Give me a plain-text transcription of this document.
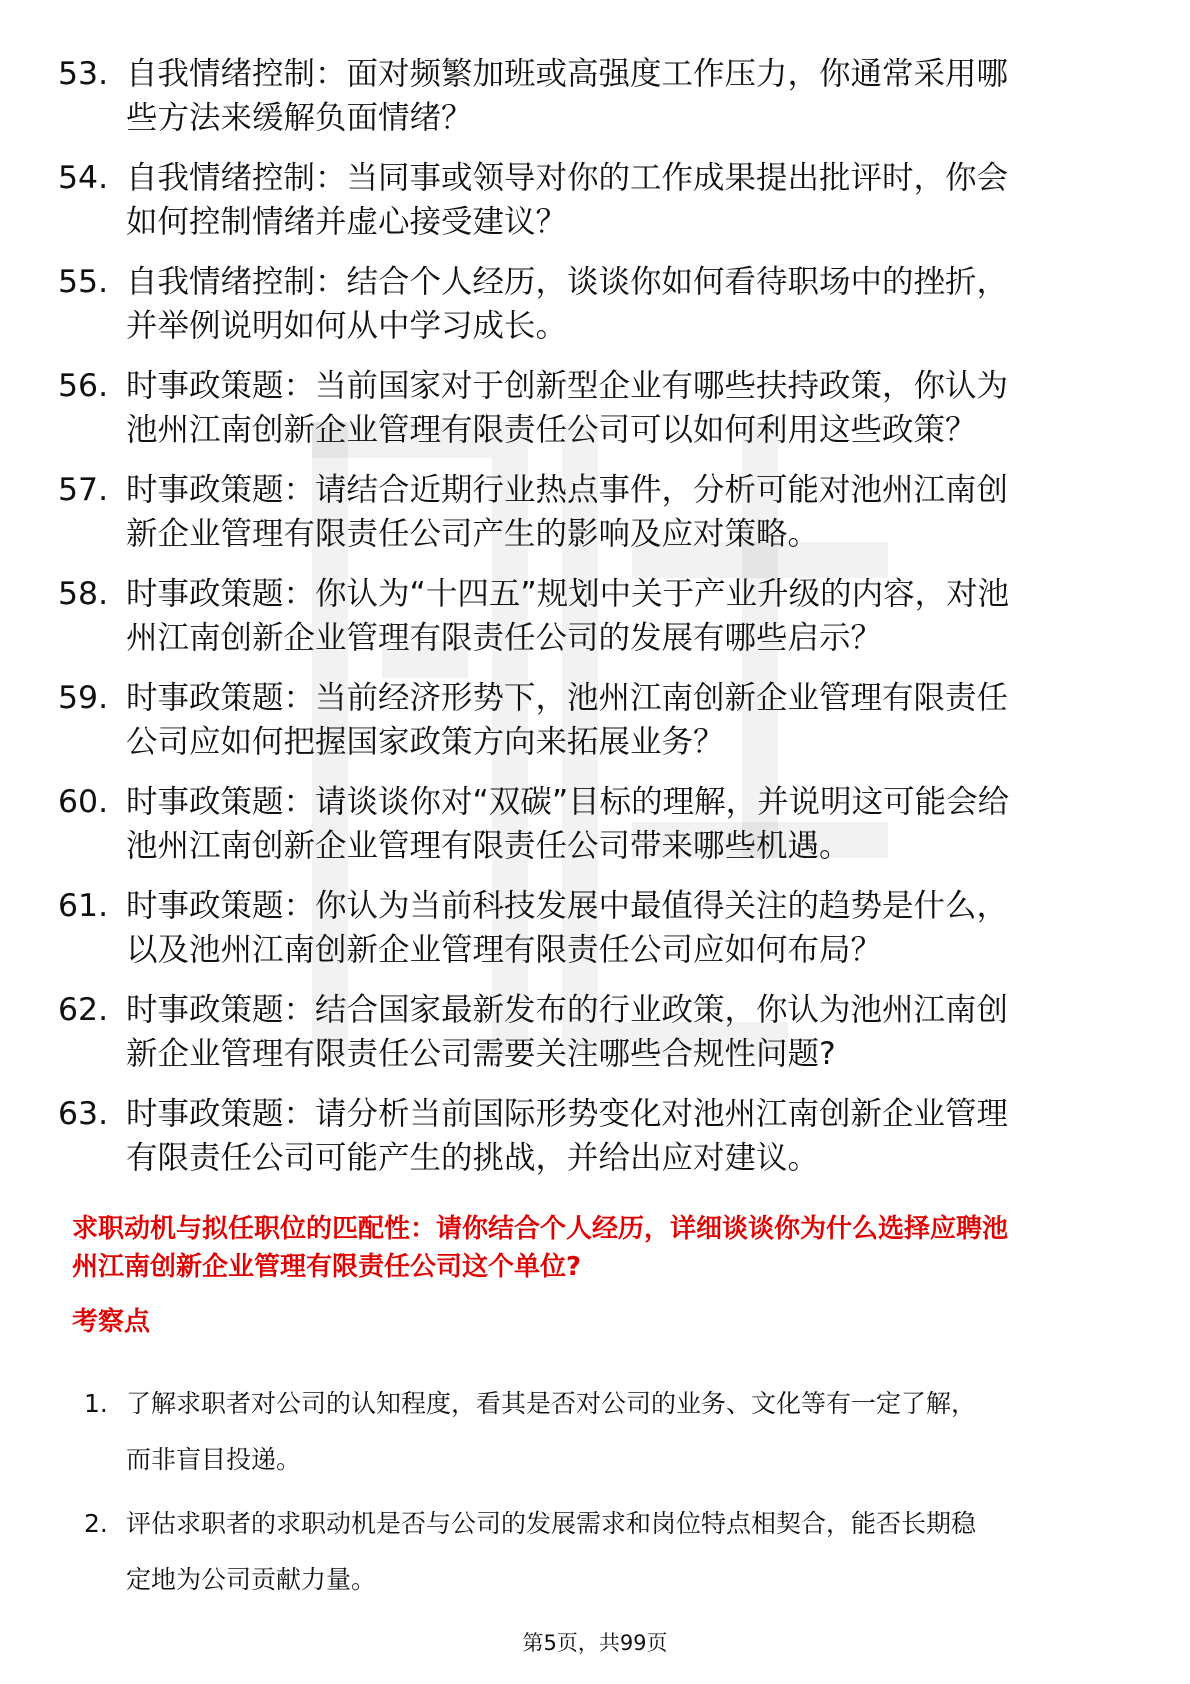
53. 自我情绪控制：面对频繁加班或高强度工作压力，你通常采用哪
些方法来缓解负面情绪？
54. 自我情绪控制：当同事或领导对你的工作成果提出批评时，你会
如何控制情绪并虚心接受建议？
55. 自我情绪控制：结合个人经历，谈谈你如何看待职场中的挫折，
并举例说明如何从中学习成长。
56. 时事政策题：当前国家对于创新型企业有哪些扶持政策，你认为
池州江南创新企业管理有限责任公司可以如何利用这些政策？
57. 时事政策题：请结合近期行业热点事件，分析可能对池州江南创
新企业管理有限责任公司产生的影响及应对策略。
58. 时事政策题：你认为“十四五”规划中关于产业升级的内容，对池
州江南创新企业管理有限责任公司的发展有哪些启示？
59. 时事政策题：当前经济形势下，池州江南创新企业管理有限责任
公司应如何把握国家政策方向来拓展业务？
60. 时事政策题：请谈谈你对“双碳”目标的理解，并说明这可能会给
池州江南创新企业管理有限责任公司带来哪些机遇。
61. 时事政策题：你认为当前科技发展中最值得关注的趋势是什么，
以及池州江南创新企业管理有限责任公司应如何布局？
62. 时事政策题：结合国家最新发布的行业政策，你认为池州江南创
新企业管理有限责任公司需要关注哪些合规性问题?
63. 时事政策题：请分析当前国际形势变化对池州江南创新企业管理
有限责任公司可能产生的挑战，并给出应对建议。
求职动机与拟任职位的匹配性：请你结合个人经历，详细谈谈你为什么选择应聘池
州江南创新企业管理有限责任公司这个单位?
考察点
1. 了解求职者对公司的认知程度，看其是否对公司的业务、文化等有一定了解，
而非盲目投递。
2. 评估求职者的求职动机是否与公司的发展需求和岗位特点相契合，能否长期稳
定地为公司贡献力量。
第5页，共99页
